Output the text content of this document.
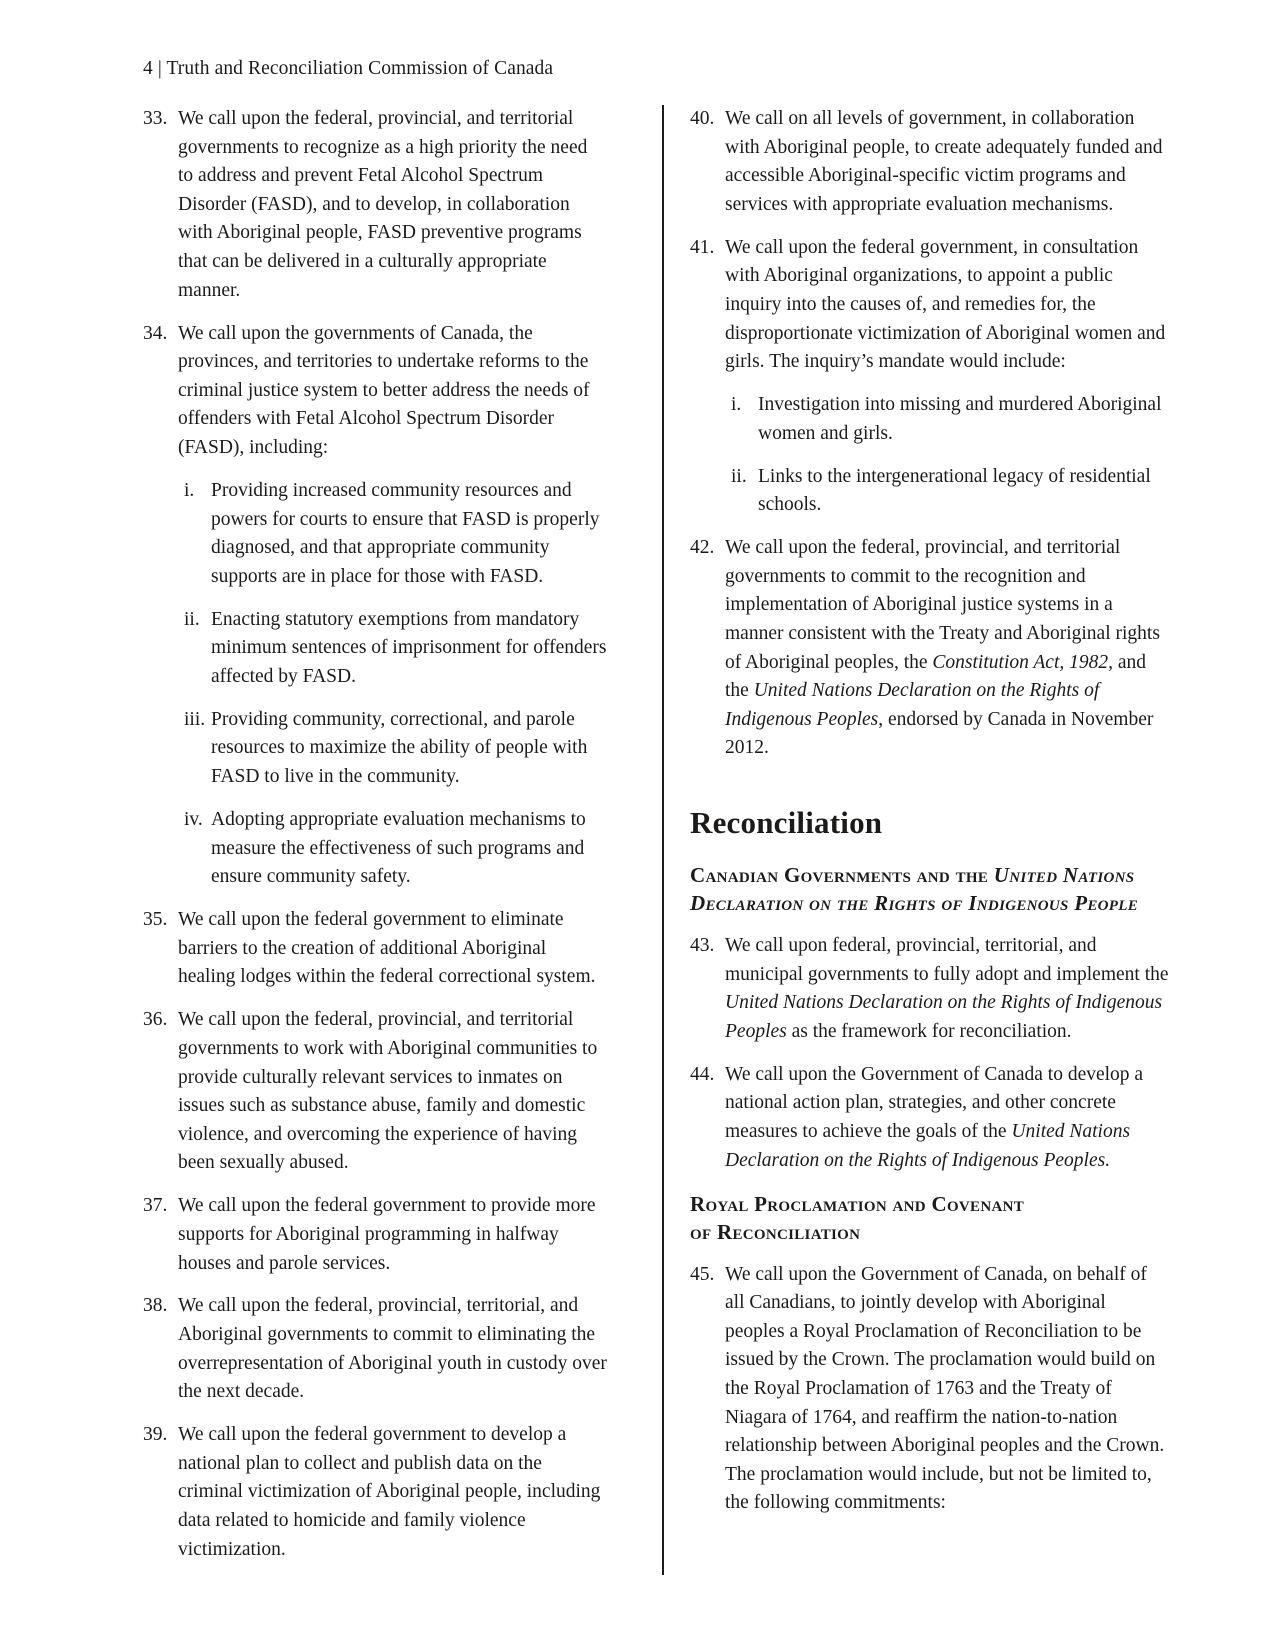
4 | Truth and Reconciliation Commission of Canada
33. We call upon the federal, provincial, and territorial governments to recognize as a high priority the need to address and prevent Fetal Alcohol Spectrum Disorder (FASD), and to develop, in collaboration with Aboriginal people, FASD preventive programs that can be delivered in a culturally appropriate manner.
34. We call upon the governments of Canada, the provinces, and territories to undertake reforms to the criminal justice system to better address the needs of offenders with Fetal Alcohol Spectrum Disorder (FASD), including:
i. Providing increased community resources and powers for courts to ensure that FASD is properly diagnosed, and that appropriate community supports are in place for those with FASD.
ii. Enacting statutory exemptions from mandatory minimum sentences of imprisonment for offenders affected by FASD.
iii. Providing community, correctional, and parole resources to maximize the ability of people with FASD to live in the community.
iv. Adopting appropriate evaluation mechanisms to measure the effectiveness of such programs and ensure community safety.
35. We call upon the federal government to eliminate barriers to the creation of additional Aboriginal healing lodges within the federal correctional system.
36. We call upon the federal, provincial, and territorial governments to work with Aboriginal communities to provide culturally relevant services to inmates on issues such as substance abuse, family and domestic violence, and overcoming the experience of having been sexually abused.
37. We call upon the federal government to provide more supports for Aboriginal programming in halfway houses and parole services.
38. We call upon the federal, provincial, territorial, and Aboriginal governments to commit to eliminating the overrepresentation of Aboriginal youth in custody over the next decade.
39. We call upon the federal government to develop a national plan to collect and publish data on the criminal victimization of Aboriginal people, including data related to homicide and family violence victimization.
40. We call on all levels of government, in collaboration with Aboriginal people, to create adequately funded and accessible Aboriginal-specific victim programs and services with appropriate evaluation mechanisms.
41. We call upon the federal government, in consultation with Aboriginal organizations, to appoint a public inquiry into the causes of, and remedies for, the disproportionate victimization of Aboriginal women and girls. The inquiry’s mandate would include:
i. Investigation into missing and murdered Aboriginal women and girls.
ii. Links to the intergenerational legacy of residential schools.
42. We call upon the federal, provincial, and territorial governments to commit to the recognition and implementation of Aboriginal justice systems in a manner consistent with the Treaty and Aboriginal rights of Aboriginal peoples, the Constitution Act, 1982, and the United Nations Declaration on the Rights of Indigenous Peoples, endorsed by Canada in November 2012.
Reconciliation
Canadian Governments and the United Nations
Declaration on the Rights of Indigenous People
43. We call upon federal, provincial, territorial, and municipal governments to fully adopt and implement the United Nations Declaration on the Rights of Indigenous Peoples as the framework for reconciliation.
44. We call upon the Government of Canada to develop a national action plan, strategies, and other concrete measures to achieve the goals of the United Nations Declaration on the Rights of Indigenous Peoples.
Royal Proclamation and Covenant
of Reconciliation
45. We call upon the Government of Canada, on behalf of all Canadians, to jointly develop with Aboriginal peoples a Royal Proclamation of Reconciliation to be issued by the Crown. The proclamation would build on the Royal Proclamation of 1763 and the Treaty of Niagara of 1764, and reaffirm the nation-to-nation relationship between Aboriginal peoples and the Crown. The proclamation would include, but not be limited to, the following commitments:
